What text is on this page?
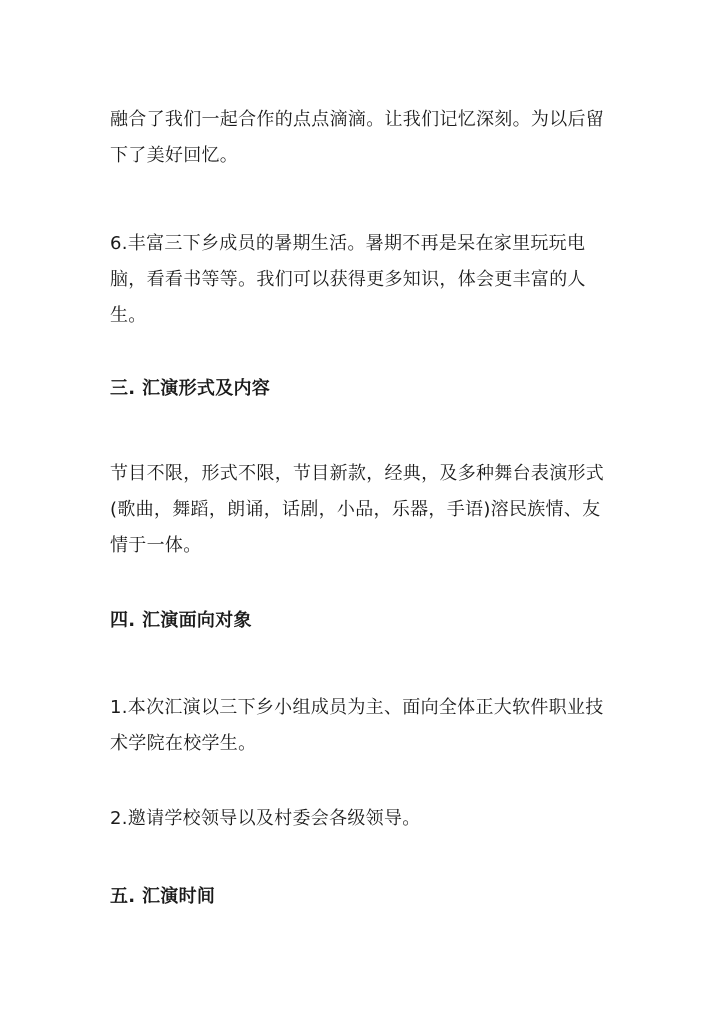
融合了我们一起合作的点点滴滴。让我们记忆深刻。为以后留下了美好回忆。
6.丰富三下乡成员的暑期生活。暑期不再是呆在家里玩玩电脑，看看书等等。我们可以获得更多知识，体会更丰富的人生。
三. 汇演形式及内容
节目不限，形式不限，节目新款，经典，及多种舞台表演形式(歌曲，舞蹈，朗诵，话剧，小品，乐器，手语)溶民族情、友情于一体。
四. 汇演面向对象
1.本次汇演以三下乡小组成员为主、面向全体正大软件职业技术学院在校学生。
2.邀请学校领导以及村委会各级领导。
五. 汇演时间
